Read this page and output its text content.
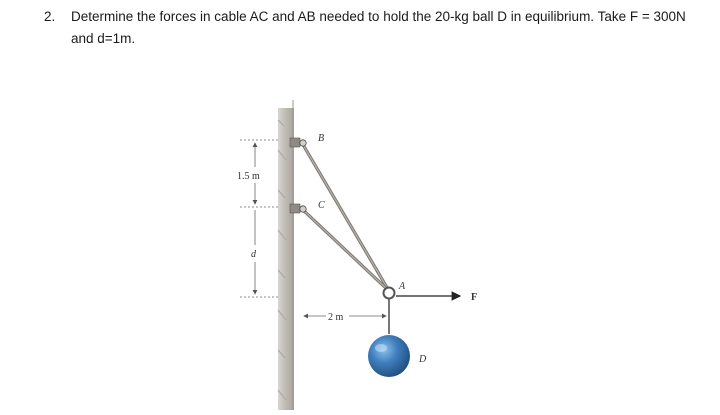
2. Determine the forces in cable AC and AB needed to hold the 20-kg ball D in equilibrium. Take F = 300N and d=1m.
1.5 m
d
B
C
F
A
2 m
D
